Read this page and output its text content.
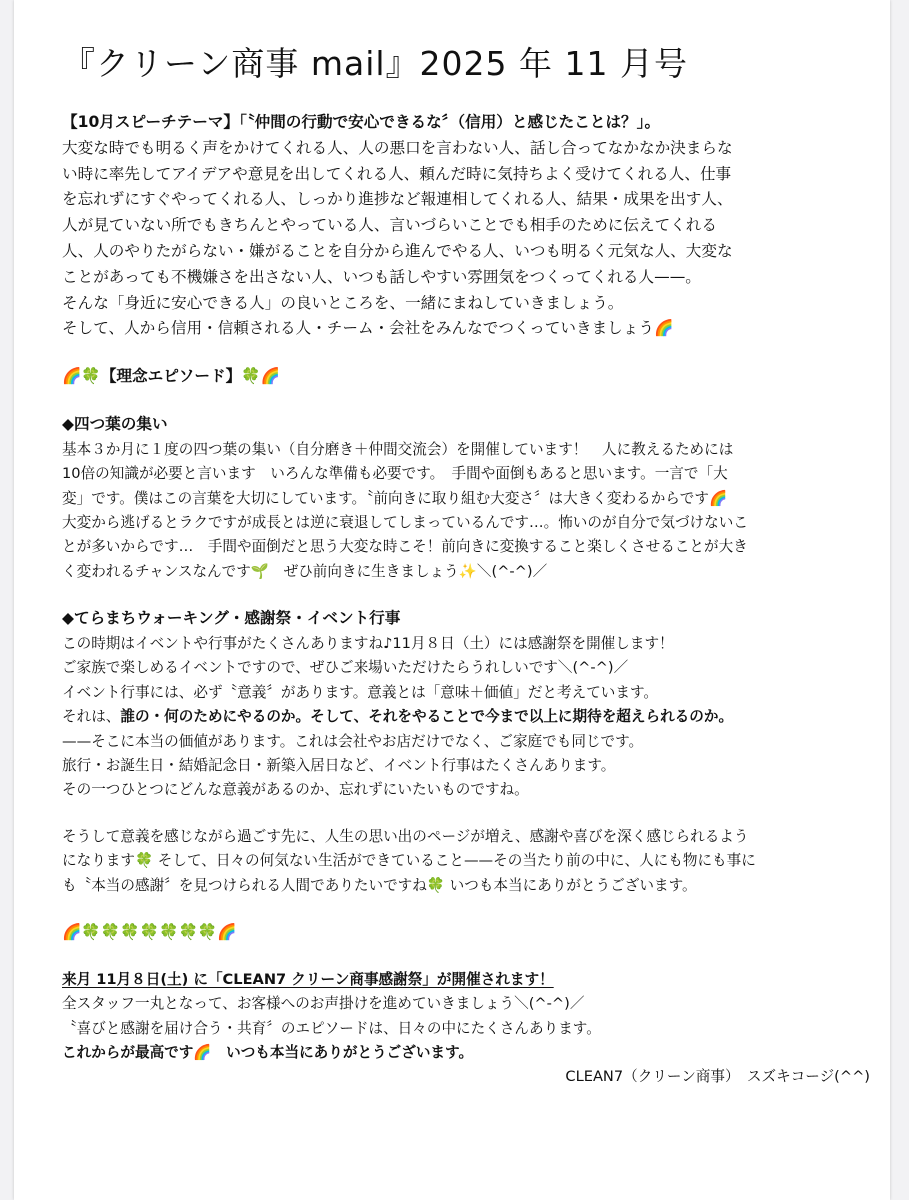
『クリーン商事 mail』2025 年 11 月号
【10月スピーチテーマ】「〝仲間の行動で安心できるな〞（信用）と感じたことは？」。
大変な時でも明るく声をかけてくれる人、人の悪口を言わない人、話し合ってなかなか決まらな
い時に率先してアイデアや意見を出してくれる人、頼んだ時に気持ちよく受けてくれる人、仕事
を忘れずにすぐやってくれる人、しっかり進捗など報連相してくれる人、結果・成果を出す人、
人が見ていない所でもきちんとやっている人、言いづらいことでも相手のために伝えてくれる
人、人のやりたがらない・嫌がることを自分から進んでやる人、いつも明るく元気な人、大変な
ことがあっても不機嫌さを出さない人、いつも話しやすい雰囲気をつくってくれる人——。
そんな「身近に安心できる人」の良いところを、一緒にまねしていきましょう。
そして、人から信用・信頼される人・チーム・会社をみんなでつくっていきましょう🌈
🌈🍀【理念エピソード】🍀🌈
◆四つ葉の集い
基本３か月に１度の四つ葉の集い（自分磨き＋仲間交流会）を開催しています！　人に教えるためには
10倍の知識が必要と言います　いろんな準備も必要です。　手間や面倒もあると思います。一言で「大
変」です。僕はこの言葉を大切にしています。〝前向きに取り組む大変さ〞は大きく変わるからです🌈
大変から逃げるとラクですが成長とは逆に衰退してしまっているんです…。怖いのが自分で気づけないこ
とが多いからです…　手間や面倒だと思う大変な時こそ！前向きに変換すること楽しくさせることが大き
く変われるチャンスなんです🌱　ぜひ前向きに生きましょう✨＼(^-^)／
◆てらまちウォーキング・感謝祭・イベント行事
この時期はイベントや行事がたくさんありますね♪11月８日（土）には感謝祭を開催します！
ご家族で楽しめるイベントですので、ぜひご来場いただけたらうれしいです＼(^-^)／
イベント行事には、必ず〝意義〞があります。意義とは「意味＋価値」だと考えています。
それは、誰の・何のためにやるのか。そして、それをやることで今まで以上に期待を超えられるのか。
——そこに本当の価値があります。これは会社やお店だけでなく、ご家庭でも同じです。
旅行・お誕生日・結婚記念日・新築入居日など、イベント行事はたくさんあります。
その一つひとつにどんな意義があるのか、忘れずにいたいものですね。
そうして意義を感じながら過ごす先に、人生の思い出のページが増え、感謝や喜びを深く感じられるよう
になります🍀 そして、日々の何気ない生活ができていること——その当たり前の中に、人にも物にも事に
も〝本当の感謝〞を見つけられる人間でありたいですね🍀 いつも本当にありがとうございます。
🌈🍀🍀🍀🍀🍀🍀🍀🌈
来月 11月８日(土) に「CLEAN7 クリーン商事感謝祭」が開催されます！
全スタッフ一丸となって、お客様へのお声掛けを進めていきましょう＼(^-^)／
〝喜びと感謝を届け合う・共育〞のエピソードは、日々の中にたくさんあります。
これからが最高です🌈　いつも本当にありがとうございます。
CLEAN7（クリーン商事）　スズキコージ(^^)
